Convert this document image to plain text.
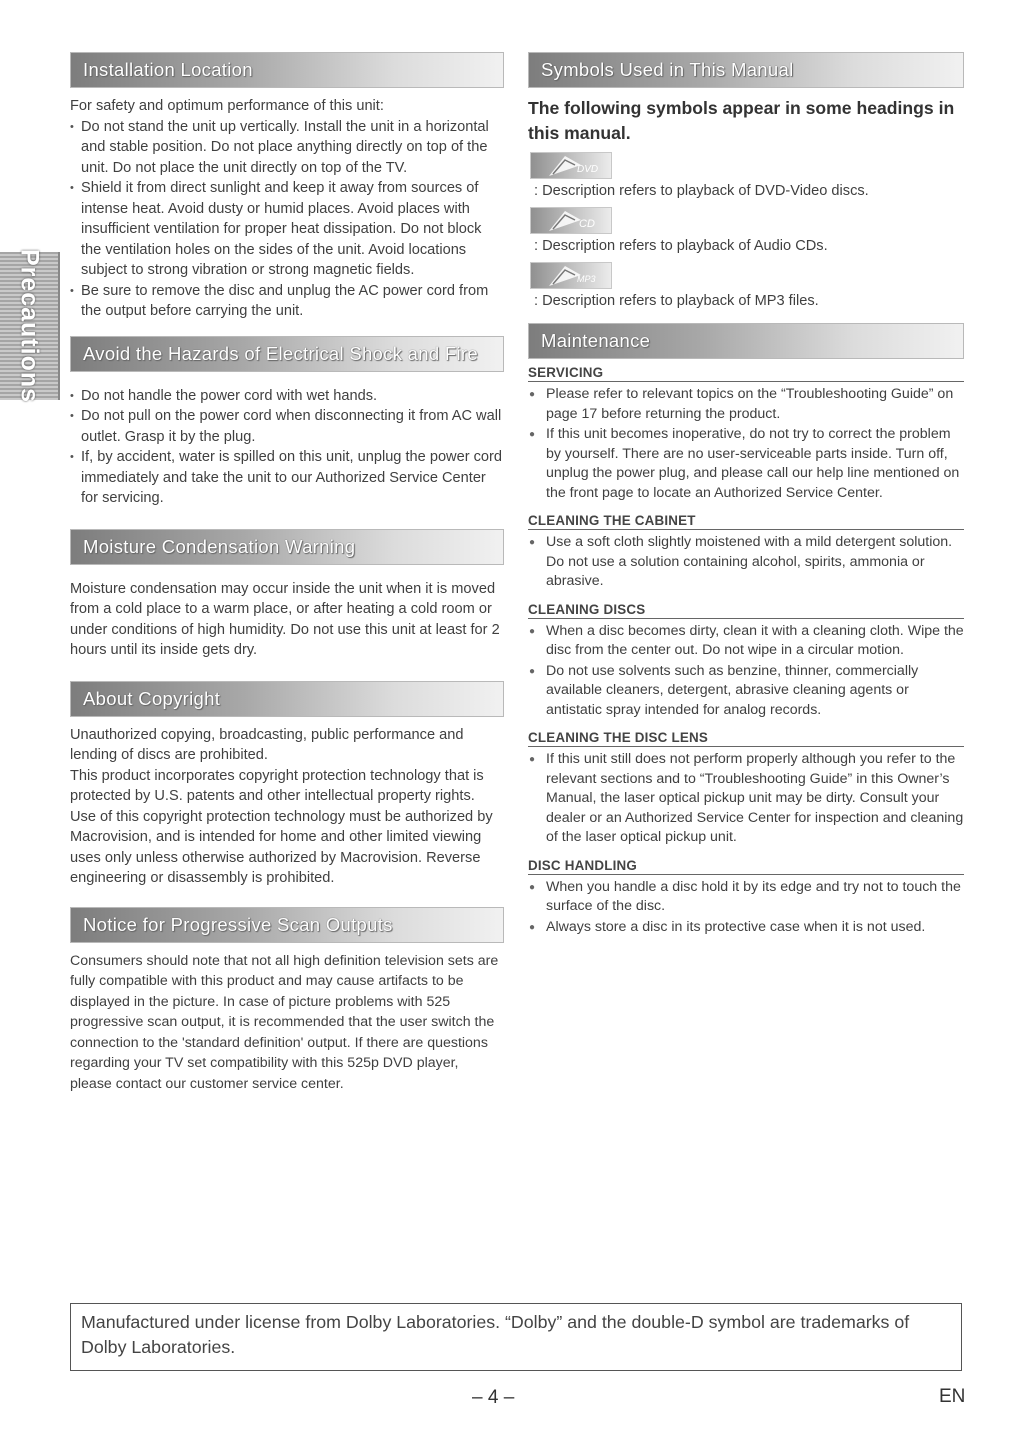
Precautions
Installation Location

For safety and optimum performance of this unit:

• Do not stand the unit up vertically. Install the unit in a horizontal and stable position. Do not place anything directly on top of the unit. Do not place the unit directly on top of the TV.
• Shield it from direct sunlight and keep it away from sources of intense heat. Avoid dusty or humid places. Avoid places with insufficient ventilation for proper heat dissipation. Do not block the ventilation holes on the sides of the unit. Avoid locations subject to strong vibration or strong magnetic fields.
• Be sure to remove the disc and unplug the AC power cord from the output before carrying the unit.
Avoid the Hazards of Electrical Shock and Fire
• Do not handle the power cord with wet hands.
• Do not pull on the power cord when disconnecting it from AC wall outlet. Grasp it by the plug.
• If, by accident, water is spilled on this unit, unplug the power cord immediately and take the unit to our Authorized Service Center for servicing.
Moisture Condensation Warning

Moisture condensation may occur inside the unit when it is moved from a cold place to a warm place, or after heating a cold room or under conditions of high humidity. Do not use this unit at least for 2 hours until its inside gets dry.

About Copyright

Unauthorized copying, broadcasting, public performance and lending of discs are prohibited.

This product incorporates copyright protection technology that is protected by U.S. patents and other intellectual property rights. Use of this copyright protection technology must be authorized by Macrovision, and is intended for home and other limited viewing uses only unless otherwise authorized by Macrovision. Reverse engineering or disassembly is prohibited.

Notice for Progressive Scan Outputs

Consumers should note that not all high definition television sets are fully compatible with this product and may cause artifacts to be displayed in the picture. In case of picture problems with 525 progressive scan output, it is recommended that the user switch the connection to the 'standard definition' output. If there are questions regarding your TV set compatibility with this 525p DVD player, please contact our customer service center.

Symbols Used in This Manual
The following symbols appear in some headings in this manual.
DVD
: Description refers to playback of DVD-Video discs.
CD
: Description refers to playback of Audio CDs.
MP3
: Description refers to playback of MP3 files.
Maintenance
SERVICING
● Please refer to relevant topics on the “Troubleshooting Guide” on page 17 before returning the product.
● If this unit becomes inoperative, do not try to correct the problem by yourself. There are no user-serviceable parts inside. Turn off, unplug the power plug, and please call our help line mentioned on the front page to locate an Authorized Service Center.
CLEANING THE CABINET
● Use a soft cloth slightly moistened with a mild detergent solution. Do not use a solution containing alcohol, spirits, ammonia or abrasive.
CLEANING DISCS
● When a disc becomes dirty, clean it with a cleaning cloth. Wipe the disc from the center out. Do not wipe in a circular motion.
● Do not use solvents such as benzine, thinner, commercially available cleaners, detergent, abrasive cleaning agents or antistatic spray intended for analog records.
CLEANING THE DISC LENS
● If this unit still does not perform properly although you refer to the relevant sections and to “Troubleshooting Guide” in this Owner’s Manual, the laser optical pickup unit may be dirty. Consult your dealer or an Authorized Service Center for inspection and cleaning of the laser optical pickup unit.
DISC HANDLING
● When you handle a disc hold it by its edge and try not to touch the surface of the disc.
● Always store a disc in its protective case when it is not used.
Manufactured under license from Dolby Laboratories. “Dolby” and the double-D symbol are trademarks of Dolby Laboratories.
– 4 –	EN
